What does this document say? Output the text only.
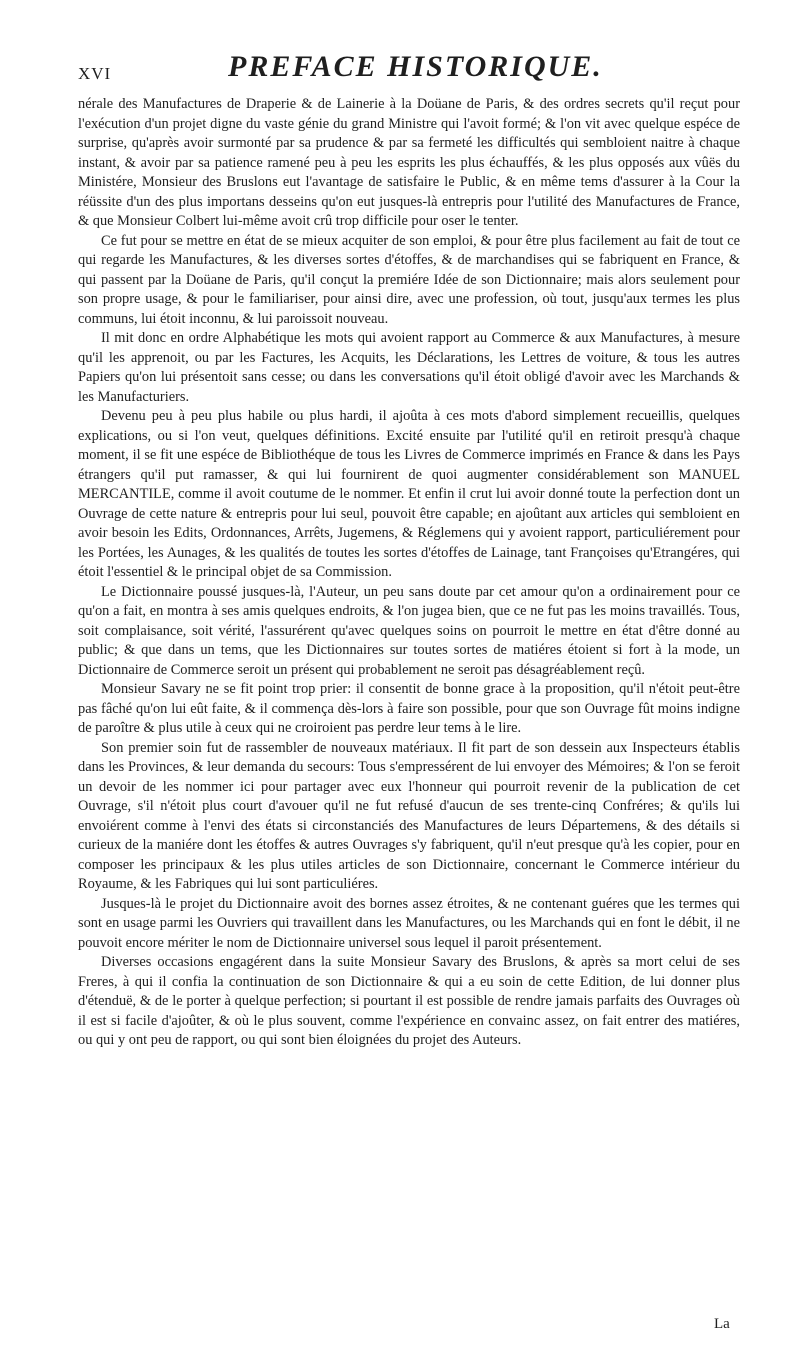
XVI	PREFACE HISTORIQUE.

nérale des Manufactures de Draperie & de Lainerie à la Doüane de Paris, & des ordres secrets qu'il reçut pour l'exécution d'un projet digne du vaste génie du grand Ministre qui l'avoit formé; & l'on vit avec quelque espéce de surprise, qu'après avoir surmonté par sa prudence & par sa fermeté les difficultés qui sembloient naitre à chaque instant, & avoir par sa patience ramené peu à peu les esprits les plus échauffés, & les plus opposés aux vûës du Ministére, Monsieur des Bruslons eut l'avantage de satisfaire le Public, & en même tems d'assurer à la Cour la réüssite d'un des plus importans desseins qu'on eut jusques-là entrepris pour l'utilité des Manufactures de France, & que Monsieur Colbert lui-même avoit crû trop difficile pour oser le tenter.

Ce fut pour se mettre en état de se mieux acquiter de son emploi, & pour être plus facilement au fait de tout ce qui regarde les Manufactures, & les diverses sortes d'étoffes, & de marchandises qui se fabriquent en France, & qui passent par la Doüane de Paris, qu'il conçut la premiére Idée de son Dictionnaire; mais alors seulement pour son propre usage, & pour le familiariser, pour ainsi dire, avec une profession, où tout, jusqu'aux termes les plus communs, lui étoit inconnu, & lui paroissoit nouveau.

Il mit donc en ordre Alphabétique les mots qui avoient rapport au Commerce & aux Manufactures, à mesure qu'il les apprenoit, ou par les Factures, les Acquits, les Déclarations, les Lettres de voiture, & tous les autres Papiers qu'on lui présentoit sans cesse; ou dans les conversations qu'il étoit obligé d'avoir avec les Marchands & les Manufacturiers.

Devenu peu à peu plus habile ou plus hardi, il ajoûta à ces mots d'abord simplement recueillis, quelques explications, ou si l'on veut, quelques définitions. Excité ensuite par l'utilité qu'il en retiroit presqu'à chaque moment, il se fit une espéce de Bibliothéque de tous les Livres de Commerce imprimés en France & dans les Pays étrangers qu'il put ramasser, & qui lui fournirent de quoi augmenter considérablement son MANUEL MERCANTILE, comme il avoit coutume de le nommer. Et enfin il crut lui avoir donné toute la perfection dont un Ouvrage de cette nature & entrepris pour lui seul, pouvoit être capable; en ajoûtant aux articles qui sembloient en avoir besoin les Edits, Ordonnances, Arrêts, Jugemens, & Réglemens qui y avoient rapport, particuliérement pour les Portées, les Aunages, & les qualités de toutes les sortes d'étoffes de Lainage, tant Françoises qu'Etrangéres, qui étoit l'essentiel & le principal objet de sa Commission.

Le Dictionnaire poussé jusques-là, l'Auteur, un peu sans doute par cet amour qu'on a ordinairement pour ce qu'on a fait, en montra à ses amis quelques endroits, & l'on jugea bien, que ce ne fut pas les moins travaillés. Tous, soit complaisance, soit vérité, l'assurérent qu'avec quelques soins on pourroit le mettre en état d'être donné au public; & que dans un tems, que les Dictionnaires sur toutes sortes de matiéres étoient si fort à la mode, un Dictionnaire de Commerce seroit un présent qui probablement ne seroit pas désagréablement reçû.

Monsieur Savary ne se fit point trop prier: il consentit de bonne grace à la proposition, qu'il n'étoit peut-être pas fâché qu'on lui eût faite, & il commença dès-lors à faire son possible, pour que son Ouvrage fût moins indigne de paroître & plus utile à ceux qui ne croiroient pas perdre leur tems à le lire.

Son premier soin fut de rassembler de nouveaux matériaux. Il fit part de son dessein aux Inspecteurs établis dans les Provinces, & leur demanda du secours: Tous s'empressérent de lui envoyer des Mémoires; & l'on se feroit un devoir de les nommer ici pour partager avec eux l'honneur qui pourroit revenir de la publication de cet Ouvrage, s'il n'étoit plus court d'avouer qu'il ne fut refusé d'aucun de ses trente-cinq Confréres; & qu'ils lui envoiérent comme à l'envi des états si circonstanciés des Manufactures de leurs Départemens, & des détails si curieux de la maniére dont les étoffes & autres Ouvrages s'y fabriquent, qu'il n'eut presque qu'à les copier, pour en composer les principaux & les plus utiles articles de son Dictionnaire, concernant le Commerce intérieur du Royaume, & les Fabriques qui lui sont particuliéres.

Jusques-là le projet du Dictionnaire avoit des bornes assez étroites, & ne contenant guéres que les termes qui sont en usage parmi les Ouvriers qui travaillent dans les Manufactures, ou les Marchands qui en font le débit, il ne pouvoit encore mériter le nom de Dictionnaire universel sous lequel il paroit présentement.

Diverses occasions engagérent dans la suite Monsieur Savary des Bruslons, & après sa mort celui de ses Freres, à qui il confia la continuation de son Dictionnaire & qui a eu soin de cette Edition, de lui donner plus d'étenduë, & de le porter à quelque perfection; si pourtant il est possible de rendre jamais parfaits des Ouvrages où il est si facile d'ajoûter, & où le plus souvent, comme l'expérience en convainc assez, on fait entrer des matiéres, ou qui y ont peu de rapport, ou qui sont bien éloignées du projet des Auteurs.

La
